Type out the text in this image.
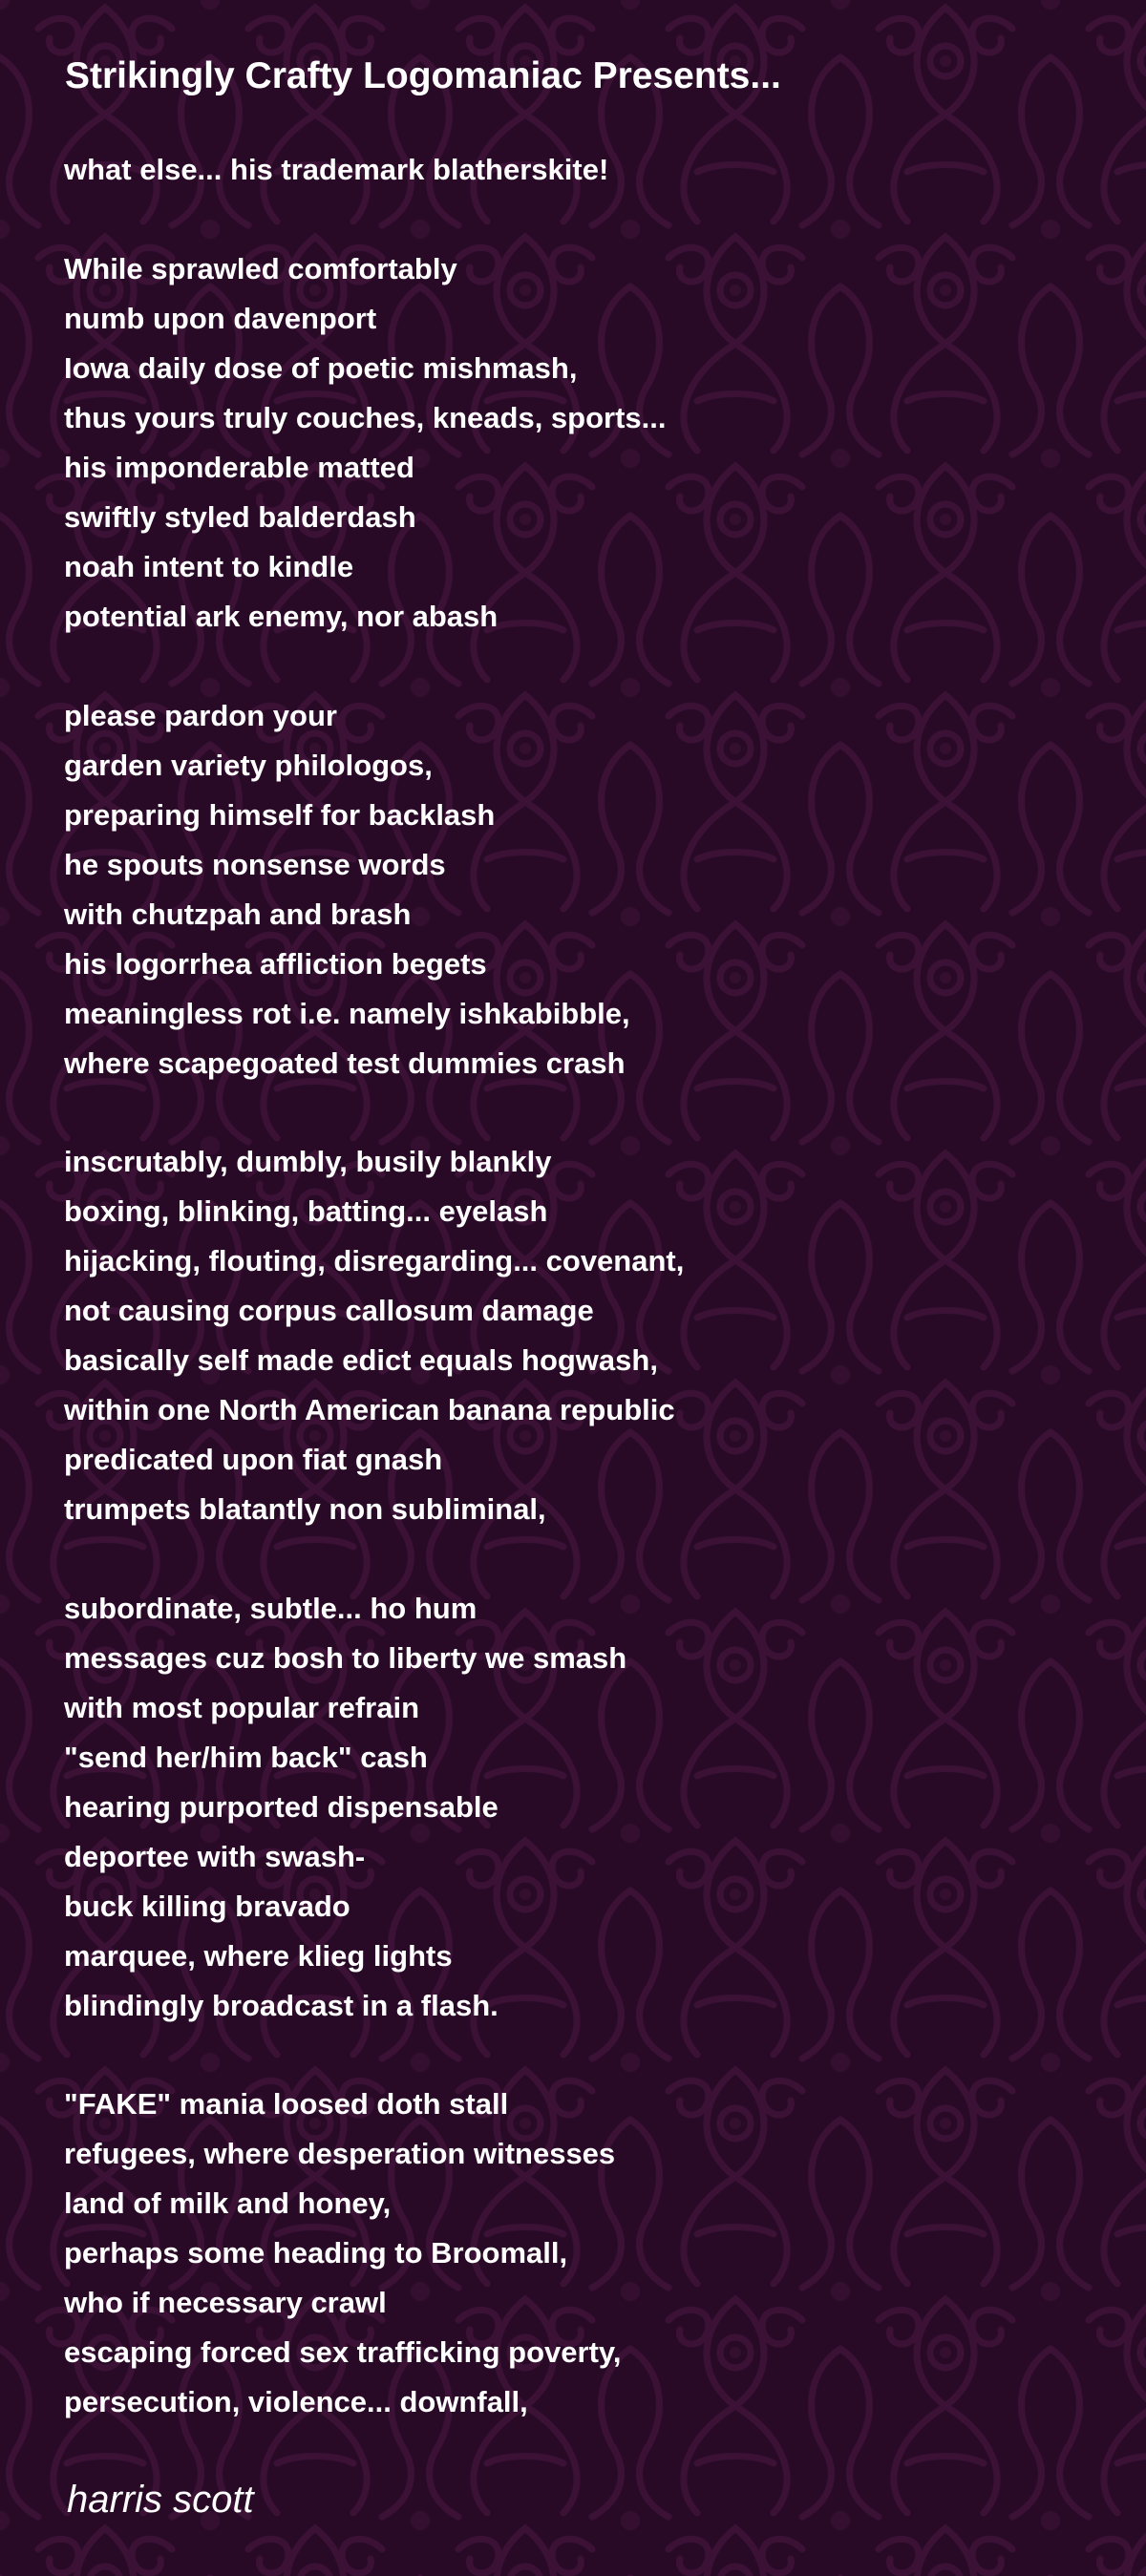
Strikingly Crafty Logomaniac Presents...

what else... his trademark blatherskite!

While sprawled comfortably
numb upon davenport
Iowa daily dose of poetic mishmash,
thus yours truly couches, kneads, sports...
his imponderable matted
swiftly styled balderdash
noah intent to kindle
potential ark enemy, nor abash

please pardon your
garden variety philologos,
preparing himself for backlash
he spouts nonsense words
with chutzpah and brash
his logorrhea affliction begets
meaningless rot i.e. namely ishkabibble,
where scapegoated test dummies crash

inscrutably, dumbly, busily blankly
boxing, blinking, batting... eyelash
hijacking, flouting, disregarding... covenant,
not causing corpus callosum damage
basically self made edict equals hogwash,
within one North American banana republic
predicated upon fiat gnash
trumpets blatantly non subliminal,

subordinate, subtle... ho hum
messages cuz bosh to liberty we smash
with most popular refrain
"send her/him back" cash
hearing purported dispensable
deportee with swash-
buck killing bravado
marquee, where klieg lights
blindingly broadcast in a flash.

"FAKE" mania loosed doth stall
refugees, where desperation witnesses
land of milk and honey,
perhaps some heading to Broomall,
who if necessary crawl
escaping forced sex trafficking poverty,
persecution, violence... downfall,

harris scott
